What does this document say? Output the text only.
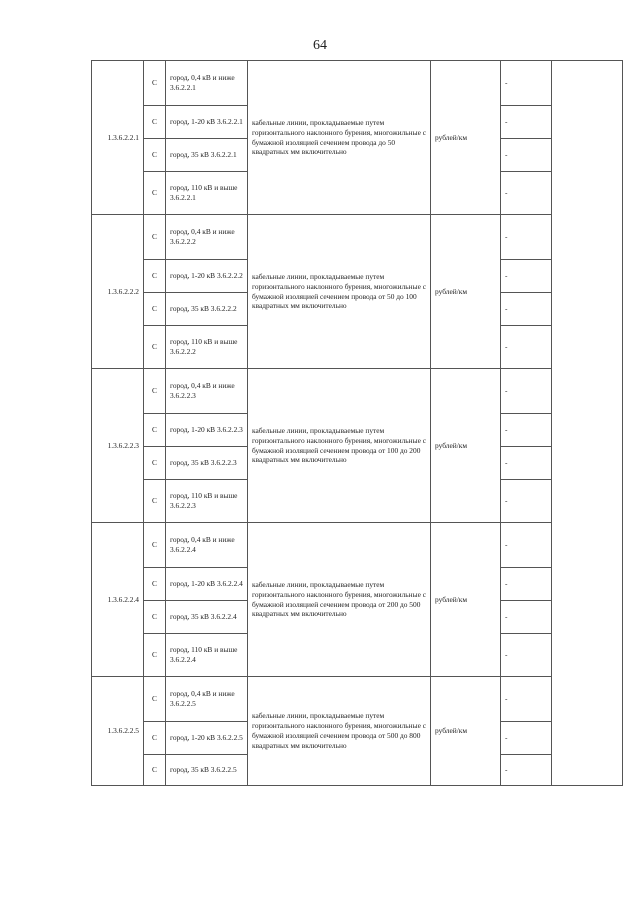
64
1.3.6.2.2.1	С	город, 0,4 кВ и ниже 3.6.2.2.1	кабельные линии, прокладываемые путем горизонтального наклонного бурения, многожильные с бумажной изоляцией сечением провода до 50 квадратных мм включительно	рублей/км	-	
	С	город, 1-20 кВ 3.6.2.2.1			-	
	С	город, 35 кВ 3.6.2.2.1			-	
	С	город, 110 кВ и выше 3.6.2.2.1			-	
1.3.6.2.2.2	С	город, 0,4 кВ и ниже 3.6.2.2.2	кабельные линии, прокладываемые путем горизонтального наклонного бурения, многожильные с бумажной изоляцией сечением провода от 50 до 100 квадратных мм включительно	рублей/км	-	
	С	город, 1-20 кВ 3.6.2.2.2			-	
	С	город, 35 кВ 3.6.2.2.2			-	
	С	город, 110 кВ и выше 3.6.2.2.2			-	
1.3.6.2.2.3	С	город, 0,4 кВ и ниже 3.6.2.2.3	кабельные линии, прокладываемые путем горизонтального наклонного бурения, многожильные с бумажной изоляцией сечением провода от 100 до 200 квадратных мм включительно	рублей/км	-	
	С	город, 1-20 кВ 3.6.2.2.3			-	
	С	город, 35 кВ 3.6.2.2.3			-	
	С	город, 110 кВ и выше 3.6.2.2.3			-	
1.3.6.2.2.4	С	город, 0,4 кВ и ниже 3.6.2.2.4	кабельные линии, прокладываемые путем горизонтального наклонного бурения, многожильные с бумажной изоляцией сечением провода от 200 до 500 квадратных мм включительно	рублей/км	-	
	С	город, 1-20 кВ 3.6.2.2.4			-	
	С	город, 35 кВ 3.6.2.2.4			-	
	С	город, 110 кВ и выше 3.6.2.2.4			-	
1.3.6.2.2.5	С	город, 0,4 кВ и ниже 3.6.2.2.5	кабельные линии, прокладываемые путем горизонтального наклонного бурения, многожильные с бумажной изоляцией сечением провода от 500 до 800 квадратных мм включительно	рублей/км	-	
	С	город, 1-20 кВ 3.6.2.2.5			-	
	С	город, 35 кВ 3.6.2.2.5			-	
